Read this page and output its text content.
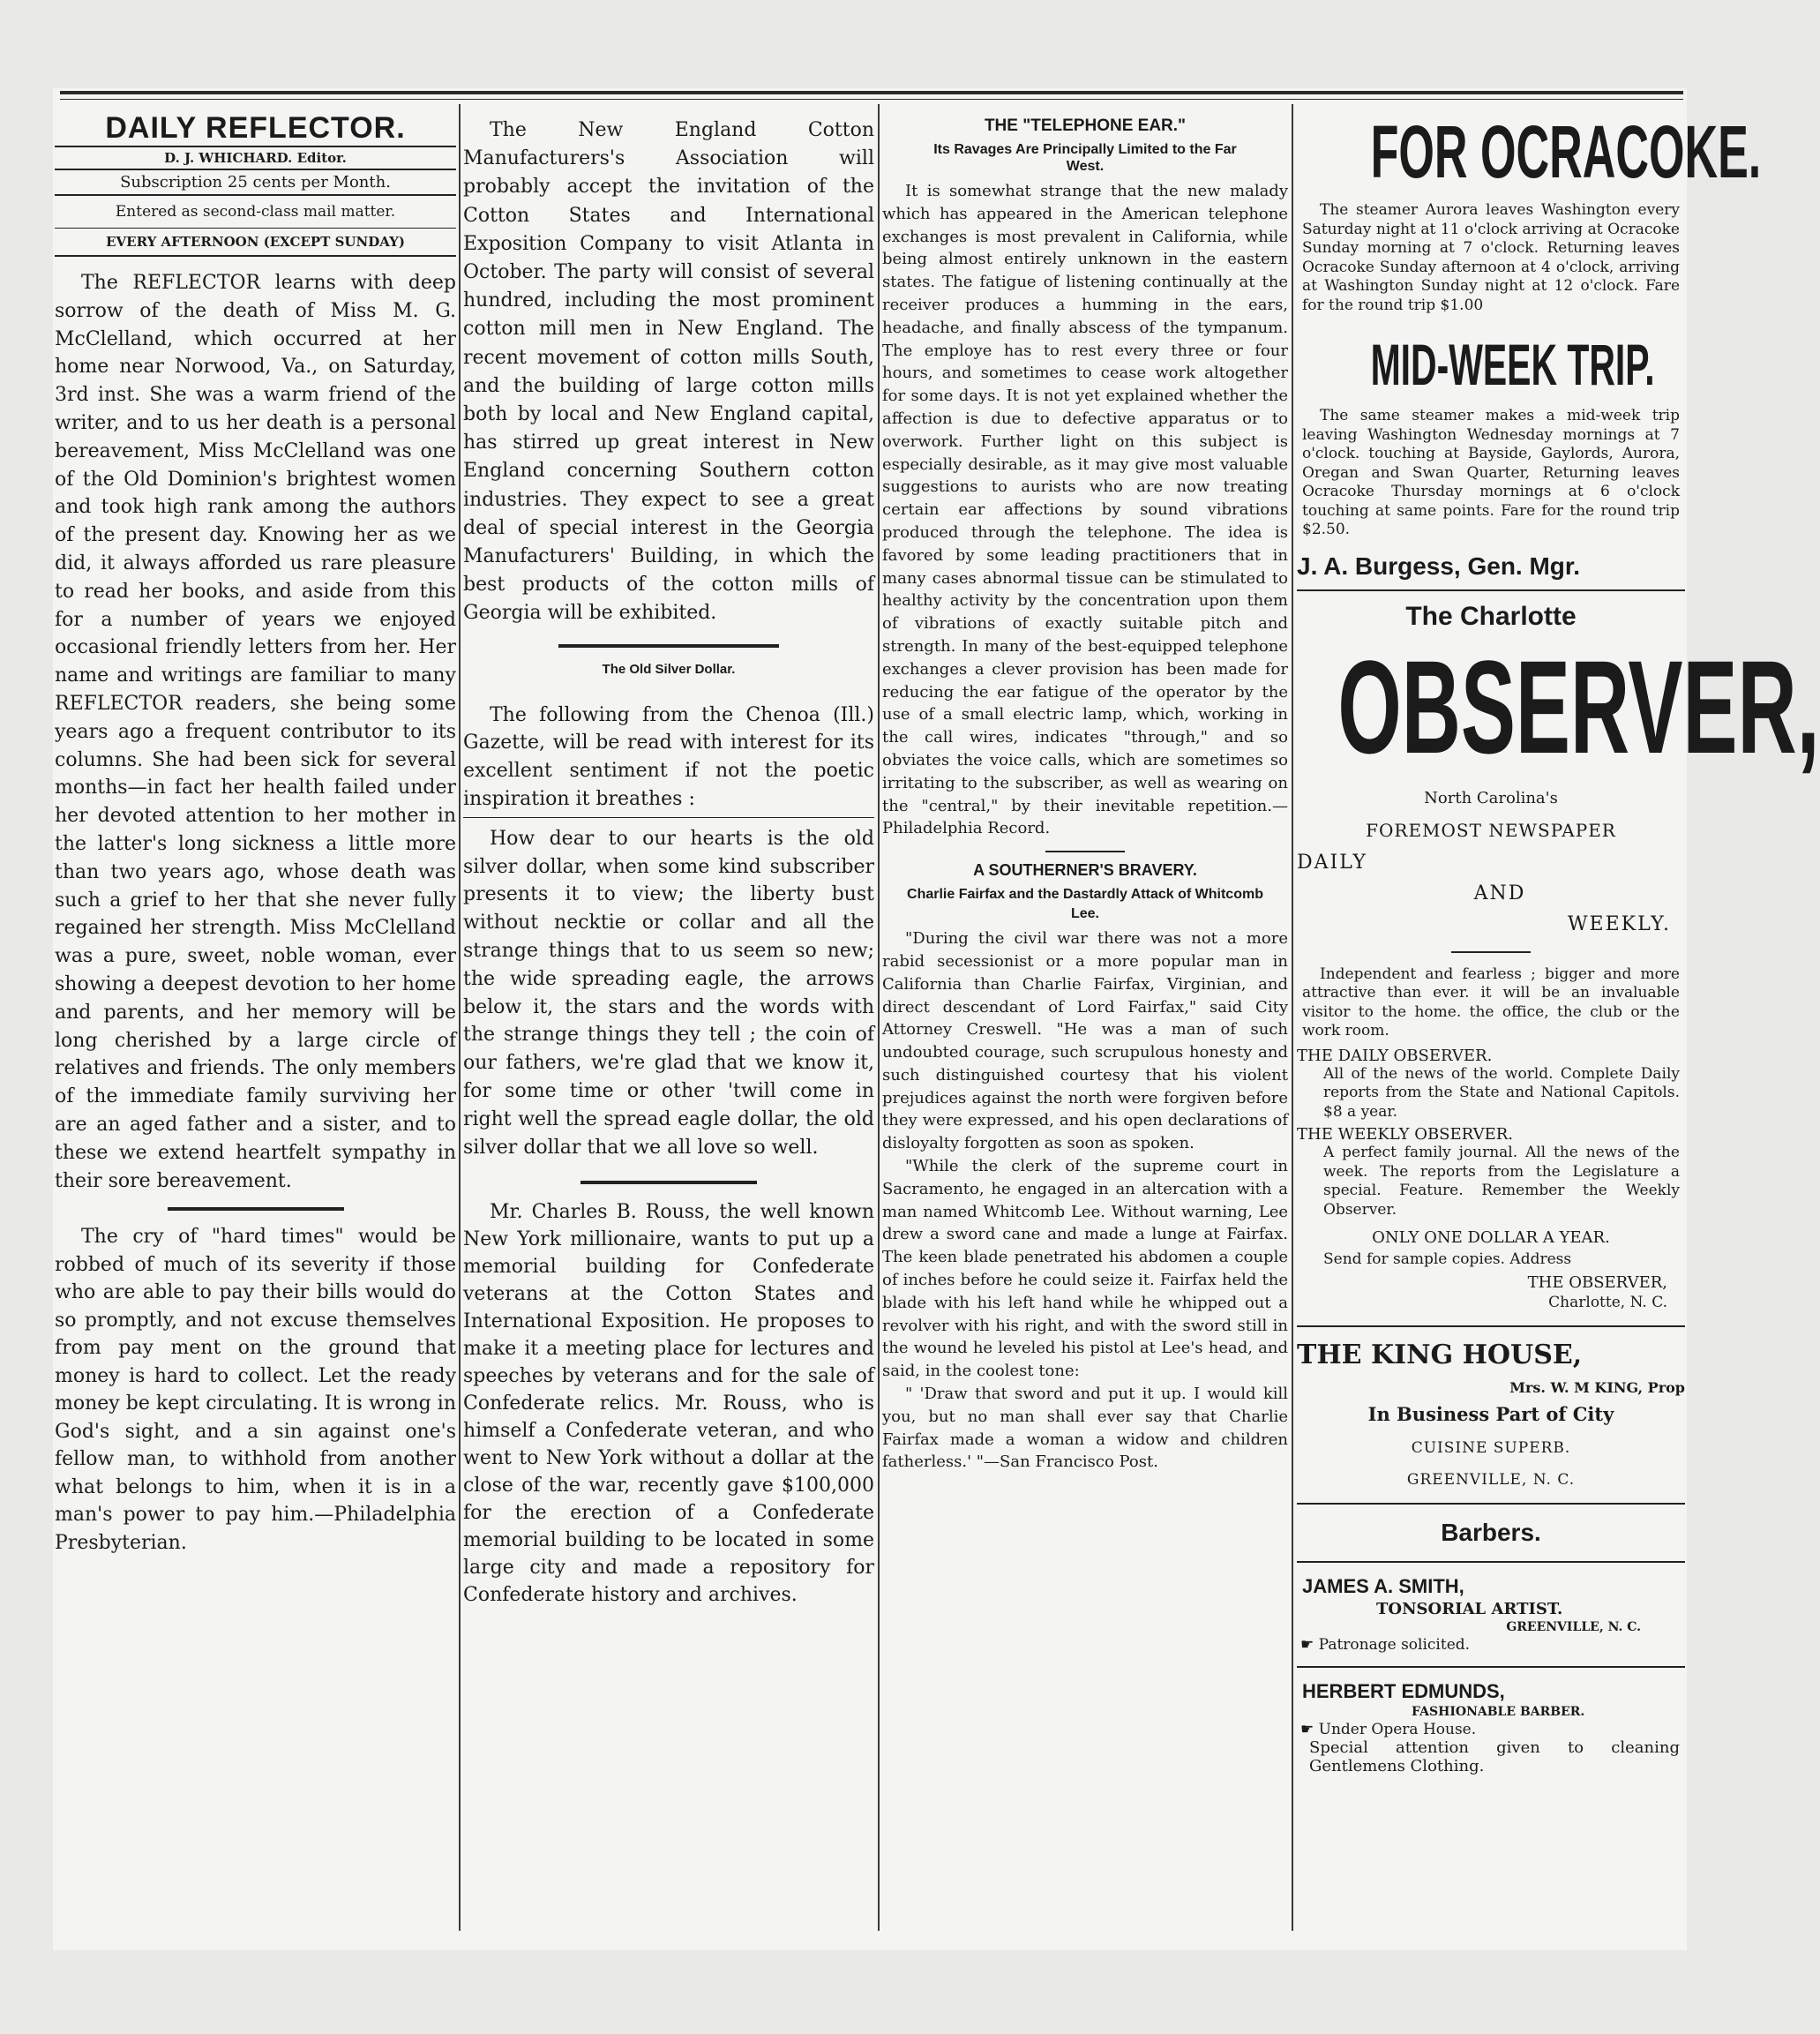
DAILY REFLECTOR.
D. J. WHICHARD. Editor.
Subscription 25 cents per Month.
Entered as second-class mail matter.
EVERY AFTERNOON (EXCEPT SUNDAY)

The REFLECTOR learns with deep sorrow of the death of Miss M. G. McClelland, which occurred at her home near Norwood, Va., on Saturday, 3rd inst. She was a warm friend of the writer, and to us her death is a personal bereavement, Miss McClelland was one of the Old Dominion's brightest women and took high rank among the authors of the present day. Knowing her as we did, it always afforded us rare pleasure to read her books, and aside from this for a number of years we enjoyed occasional friendly letters from her. Her name and writings are familiar to many REFLECTOR readers, she being some years ago a frequent contributor to its columns. She had been sick for several months—in fact her health failed under her devoted attention to her mother in the latter's long sickness a little more than two years ago, whose death was such a grief to her that she never fully regained her strength. Miss McClelland was a pure, sweet, noble woman, ever showing a deepest devotion to her home and parents, and her memory will be long cherished by a large circle of relatives and friends. The only members of the immediate family surviving her are an aged father and a sister, and to these we extend heartfelt sympathy in their sore bereavement.

The cry of "hard times" would be robbed of much of its severity if those who are able to pay their bills would do so promptly, and not excuse themselves from pay ment on the ground that money is hard to collect. Let the ready money be kept circulating. It is wrong in God's sight, and a sin against one's fellow man, to withhold from another what belongs to him, when it is in a man's power to pay him.—Philadelphia Presbyterian.

The New England Cotton Manufacturers's Association will probably accept the invitation of the Cotton States and International Exposition Company to visit Atlanta in October. The party will consist of several hundred, including the most prominent cotton mill men in New England. The recent movement of cotton mills South, and the building of large cotton mills both by local and New England capital, has stirred up great interest in New England concerning Southern cotton industries. They expect to see a great deal of special interest in the Georgia Manufacturers' Building, in which the best products of the cotton mills of Georgia will be exhibited.

The Old Silver Dollar.

The following from the Chenoa (Ill.) Gazette, will be read with interest for its excellent sentiment if not the poetic inspiration it breathes :

How dear to our hearts is the old silver dollar, when some kind subscriber presents it to view; the liberty bust without necktie or collar and all the strange things that to us seem so new; the wide spreading eagle, the arrows below it, the stars and the words with the strange things they tell ; the coin of our fathers, we're glad that we know it, for some time or other 'twill come in right well the spread eagle dollar, the old silver dollar that we all love so well.

Mr. Charles B. Rouss, the well known New York millionaire, wants to put up a memorial building for Confederate veterans at the Cotton States and International Exposition. He proposes to make it a meeting place for lectures and speeches by veterans and for the sale of Confederate relics. Mr. Rouss, who is himself a Confederate veteran, and who went to New York without a dollar at the close of the war, recently gave $100,000 for the erection of a Confederate memorial building to be located in some large city and made a repository for Confederate history and archives.

THE "TELEPHONE EAR."
Its Ravages Are Principally Limited to the Far West.

It is somewhat strange that the new malady which has appeared in the American telephone exchanges is most prevalent in California, while being almost entirely unknown in the eastern states. The fatigue of listening continually at the receiver produces a humming in the ears, headache, and finally abscess of the tympanum. The employe has to rest every three or four hours, and sometimes to cease work altogether for some days. It is not yet explained whether the affection is due to defective apparatus or to overwork. Further light on this subject is especially desirable, as it may give most valuable suggestions to aurists who are now treating certain ear affections by sound vibrations produced through the telephone. The idea is favored by some leading practitioners that in many cases abnormal tissue can be stimulated to healthy activity by the concentration upon them of vibrations of exactly suitable pitch and strength. In many of the best-equipped telephone exchanges a clever provision has been made for reducing the ear fatigue of the operator by the use of a small electric lamp, which, working in the call wires, indicates "through," and so obviates the voice calls, which are sometimes so irritating to the subscriber, as well as wearing on the "central," by their inevitable repetition.—Philadelphia Record.

A SOUTHERNER'S BRAVERY.
Charlie Fairfax and the Dastardly Attack of Whitcomb Lee.

"During the civil war there was not a more rabid secessionist or a more popular man in California than Charlie Fairfax, Virginian, and direct descendant of Lord Fairfax," said City Attorney Creswell. "He was a man of such undoubted courage, such scrupulous honesty and such distinguished courtesy that his violent prejudices against the north were forgiven before they were expressed, and his open declarations of disloyalty forgotten as soon as spoken.

"While the clerk of the supreme court in Sacramento, he engaged in an altercation with a man named Whitcomb Lee. Without warning, Lee drew a sword cane and made a lunge at Fairfax. The keen blade penetrated his abdomen a couple of inches before he could seize it. Fairfax held the blade with his left hand while he whipped out a revolver with his right, and with the sword still in the wound he leveled his pistol at Lee's head, and said, in the coolest tone:

" 'Draw that sword and put it up. I would kill you, but no man shall ever say that Charlie Fairfax made a woman a widow and children fatherless.' "—San Francisco Post.

FOR OCRACOKE.

The steamer Aurora leaves Washington every Saturday night at 11 o'clock arriving at Ocracoke Sunday morning at 7 o'clock. Returning leaves Ocracoke Sunday afternoon at 4 o'clock, arriving at Washington Sunday night at 12 o'clock. Fare for the round trip $1.00

MID-WEEK TRIP.

The same steamer makes a mid-week trip leaving Washington Wednesday mornings at 7 o'clock. touching at Bayside, Gaylords, Aurora, Oregan and Swan Quarter, Returning leaves Ocracoke Thursday mornings at 6 o'clock touching at same points. Fare for the round trip $2.50.

J. A. Burgess, Gen. Mgr.
The Charlotte
OBSERVER,
North Carolina's
FOREMOST NEWSPAPER
DAILY
AND
WEEKLY.

Independent and fearless ; bigger and more attractive than ever. it will be an invaluable visitor to the home. the office, the club or the work room.

THE DAILY OBSERVER.

All of the news of the world. Complete Daily reports from the State and National Capitols. $8 a year.

THE WEEKLY OBSERVER.

A perfect family journal. All the news of the week. The reports from the Legislature a special. Feature. Remember the Weekly Observer.

ONLY ONE DOLLAR A YEAR.
Send for sample copies. Address
THE OBSERVER,
Charlotte, N. C.
THE KING HOUSE,
Mrs. W. M KING, Prop
In Business Part of City
CUISINE SUPERB.
GREENVILLE, N. C.
Barbers.
JAMES A. SMITH,
TONSORIAL ARTIST.
GREENVILLE, N. C.
☛ Patronage solicited.
HERBERT EDMUNDS,
FASHIONABLE BARBER.
☛ Under Opera House.

Special attention given to cleaning Gentlemens Clothing.
